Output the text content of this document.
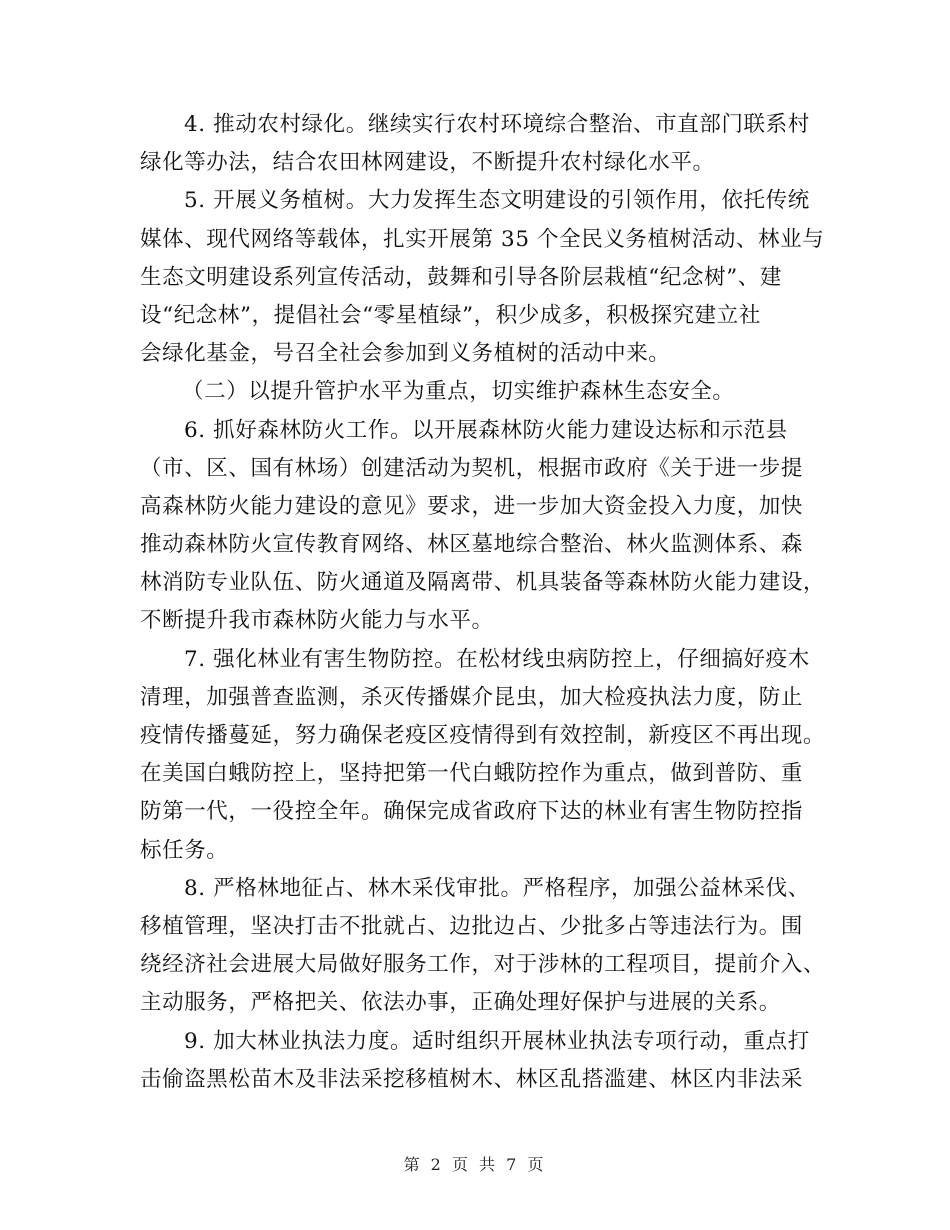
4. 推动农村绿化。继续实行农村环境综合整治、市直部门联系村
绿化等办法，结合农田林网建设，不断提升农村绿化水平。

5. 开展义务植树。大力发挥生态文明建设的引领作用，依托传统
媒体、现代网络等载体，扎实开展第 35 个全民义务植树活动、林业与
生态文明建设系列宣传活动，鼓舞和引导各阶层栽植“纪念树”、建
设“纪念林”，提倡社会“零星植绿”，积少成多，积极探究建立社
会绿化基金，号召全社会参加到义务植树的活动中来。

（二）以提升管护水平为重点，切实维护森林生态安全。

6. 抓好森林防火工作。以开展森林防火能力建设达标和示范县
（市、区、国有林场）创建活动为契机，根据市政府《关于进一步提
高森林防火能力建设的意见》要求，进一步加大资金投入力度，加快
推动森林防火宣传教育网络、林区墓地综合整治、林火监测体系、森
林消防专业队伍、防火通道及隔离带、机具装备等森林防火能力建设，
不断提升我市森林防火能力与水平。

7. 强化林业有害生物防控。在松材线虫病防控上，仔细搞好疫木
清理，加强普查监测，杀灭传播媒介昆虫，加大检疫执法力度，防止
疫情传播蔓延，努力确保老疫区疫情得到有效控制，新疫区不再出现。
在美国白蛾防控上，坚持把第一代白蛾防控作为重点，做到普防、重
防第一代，一役控全年。确保完成省政府下达的林业有害生物防控指
标任务。

8. 严格林地征占、林木采伐审批。严格程序，加强公益林采伐、
移植管理，坚决打击不批就占、边批边占、少批多占等违法行为。围
绕经济社会进展大局做好服务工作，对于涉林的工程项目，提前介入、
主动服务，严格把关、依法办事，正确处理好保护与进展的关系。

9. 加大林业执法力度。适时组织开展林业执法专项行动，重点打
击偷盗黑松苗木及非法采挖移植树木、林区乱搭滥建、林区内非法采

第 2 页 共 7 页
